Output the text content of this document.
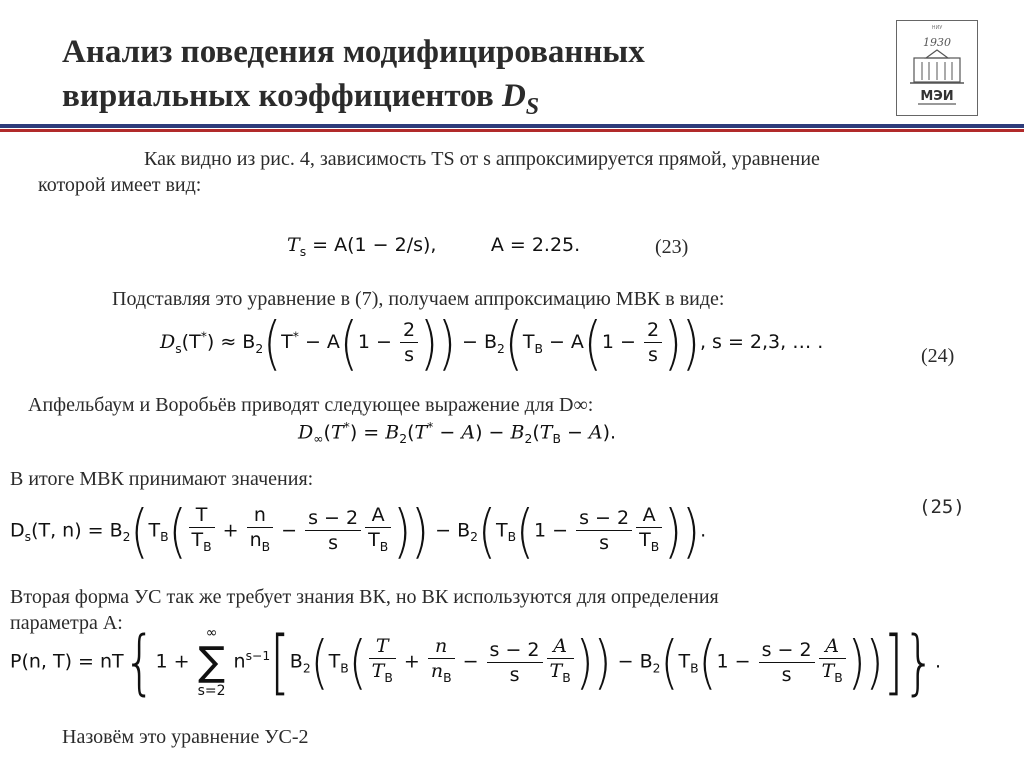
Анализ поведения модифицированных
вириальных коэффициентов $D_S$
НИУ
1930
МЭИ
Как видно из рис. 4, зависимость TS от s аппроксимируется прямой, уравнение
которой имеет вид:
$T_s = A(1 - 2/s)$,         A = 2.25.	(23)
Подставляя это уравнение в (7), получаем аппроксимацию МВК в виде:
$D_s(T^*) \approx B_2(T^* - A(1 - \frac{2}{s}$ )) − $B_2(T_B - A(1 - \frac{2}{s}$ )), s = 2,3, … .
(24)
Апфельбаум и Воробьёв приводят следующее выражение для D∞:
$D_\infty(T^*) = B_2(T^* - A) - B_2(T_B - A)$.
В итоге МВК принимают значения:
(25)
$D_s(T$, $n) = B_2(T_B( \frac{T}{T_B} + \frac{n}{n_B} - \frac{s - 2}{s} \frac{A}{T_B}$ )) − $B_2(T_B(1 - \frac{s - 2}{s} \frac{A}{T_B}$ )).
Вторая форма УС так же требует знания ВК, но ВК используются для определения
параметра A:
P(n, T) = nT{1 +
∞
∑
s=2
$n^{s-1}[B_2(T_B( \frac{T}{T_B} + \frac{n}{n_B} - \frac{s - 2}{s} \frac{A}{T_B}$ )) − $B_2(T_B(1 - \frac{s - 2}{s} \frac{A}{T_B}$ ))]}.
Назовём это уравнение УС-2
